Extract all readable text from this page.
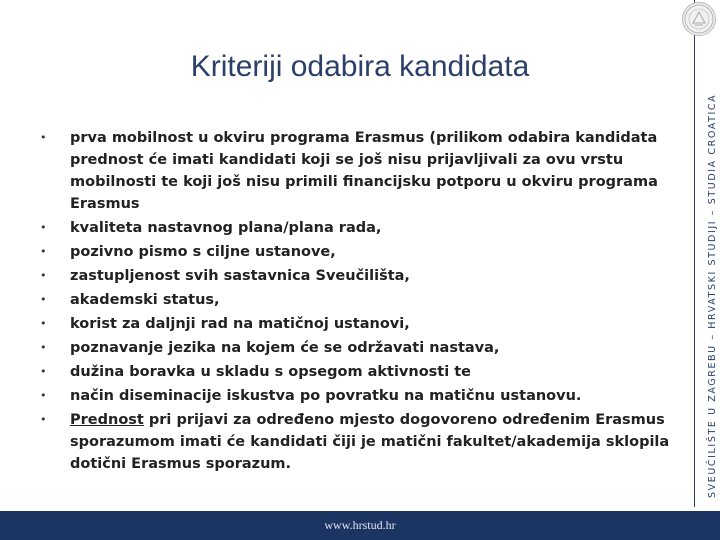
Kriteriji odabira kandidata
• prva mobilnost u okviru programa Erasmus (prilikom odabira kandidata prednost će imati kandidati koji se još nisu prijavljivali za ovu vrstu mobilnosti te koji još nisu primili financijsku potporu u okviru programa Erasmus
• kvaliteta nastavnog plana/plana rada,
• pozivno pismo s ciljne ustanove,
• zastupljenost svih sastavnica Sveučilišta,
• akademski status,
• korist za daljnji rad na matičnoj ustanovi,
• poznavanje jezika na kojem će se održavati nastava,
• dužina boravka u skladu s opsegom aktivnosti te
• način diseminacije iskustva po povratku na matičnu ustanovu.
• Prednost pri prijavi za određeno mjesto dogovoreno određenim Erasmus sporazumom imati će kandidati čiji je matični fakultet/akademija sklopila dotični Erasmus sporazum.	SVEUČILIŠTE U ZAGREBU – HRVATSKI STUDIJI – STUDIA CROATICA
www.hrstud.hr
